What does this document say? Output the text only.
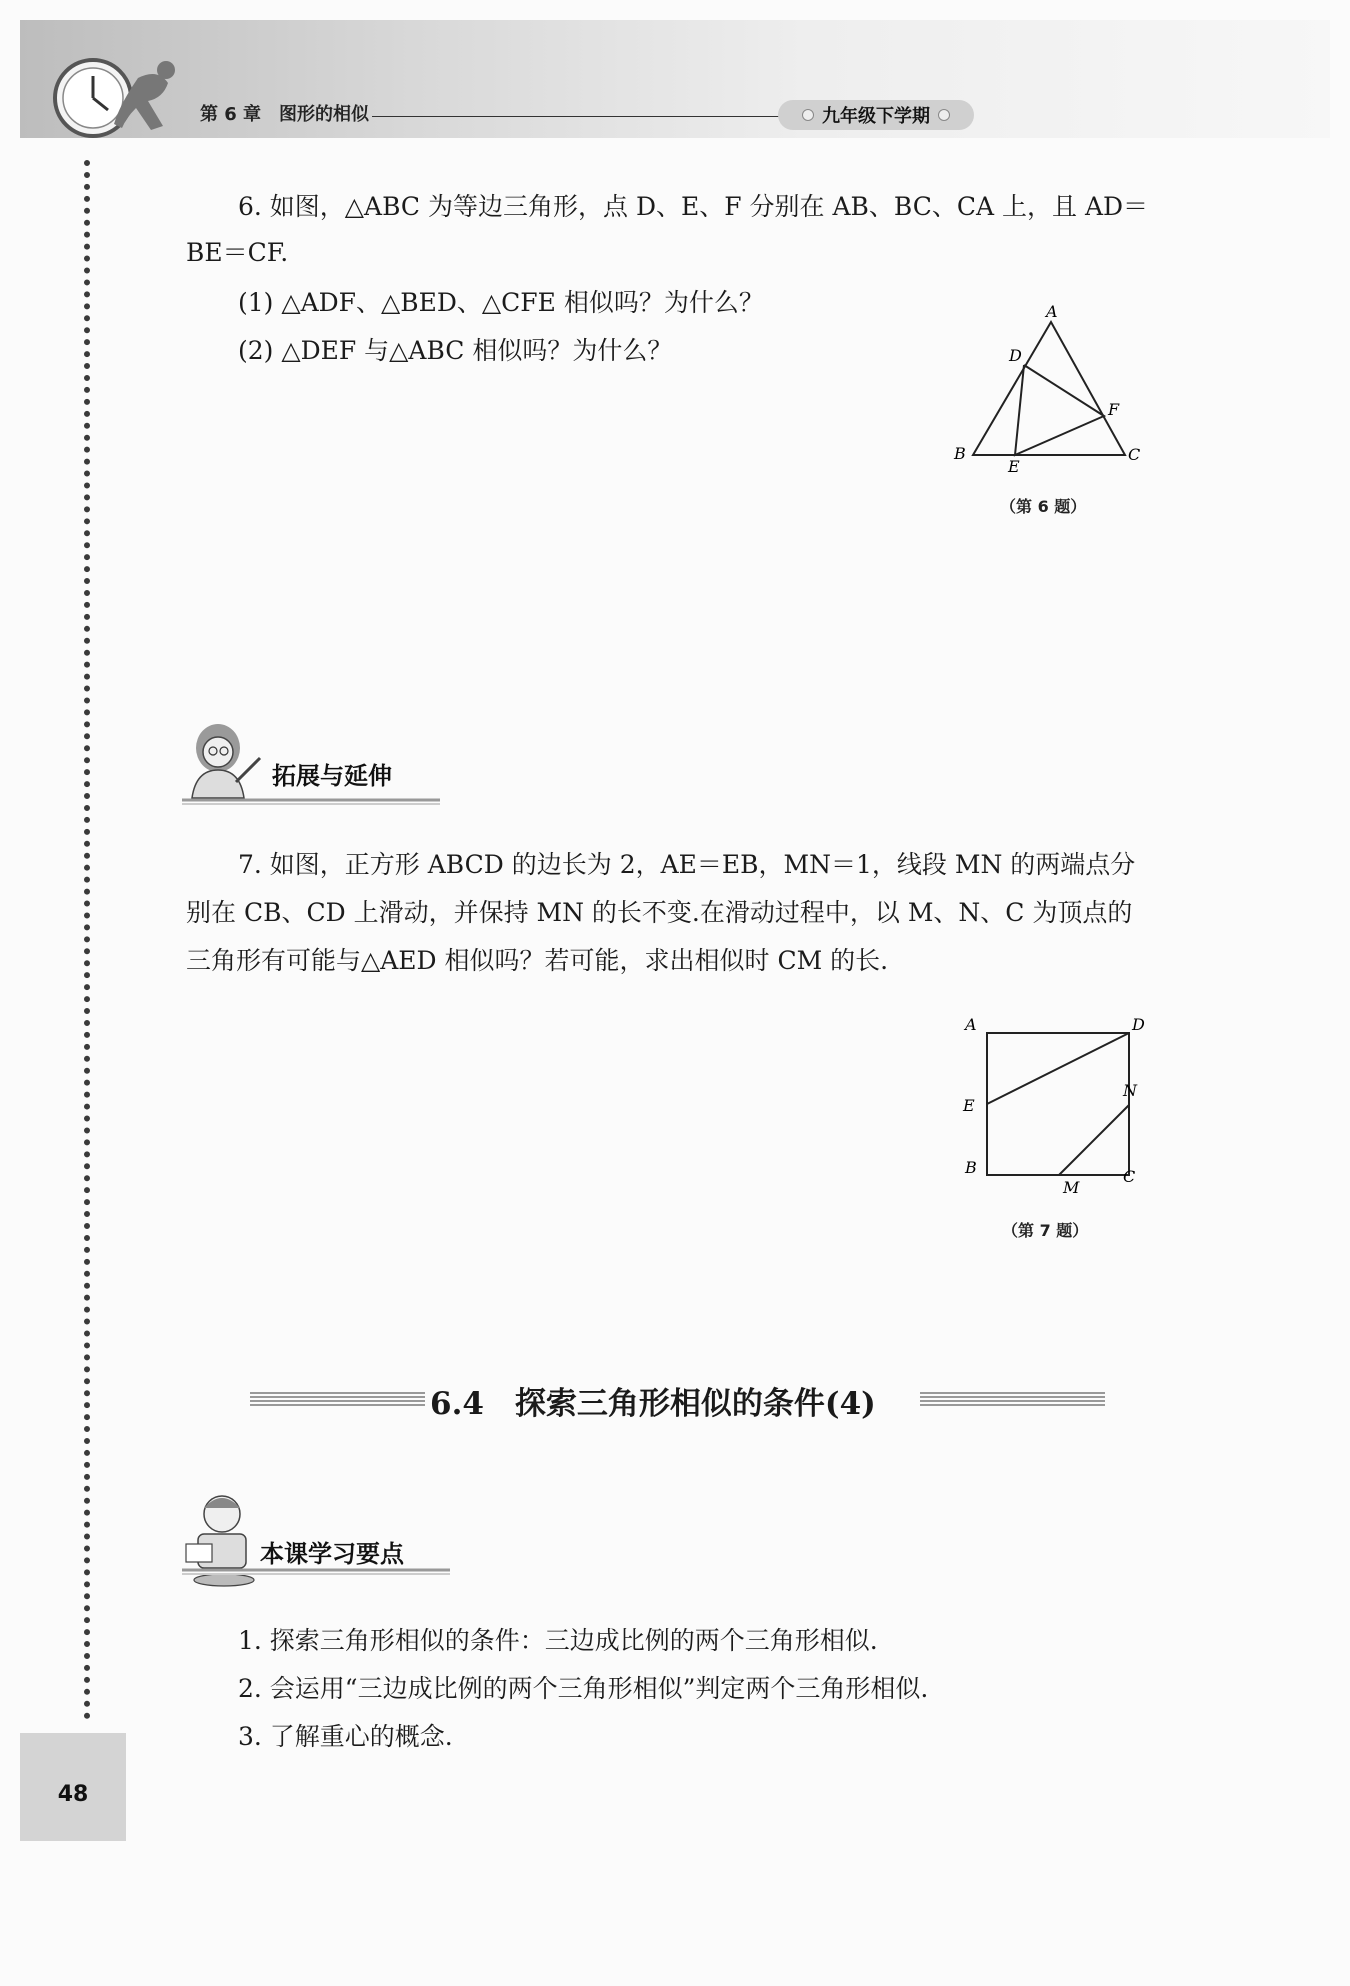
第 6 章　图形的相似	九年级下学期
6. 如图，△ABC 为等边三角形，点 D、E、F 分别在 AB、BC、CA 上，且 AD＝
BE＝CF.
(1) △ADF、△BED、△CFE 相似吗？为什么？
(2) △DEF 与△ABC 相似吗？为什么？
A
D
F
B
E
C
（第 6 题）
拓展与延伸
7. 如图，正方形 ABCD 的边长为 2，AE＝EB，MN＝1，线段 MN 的两端点分
别在 CB、CD 上滑动，并保持 MN 的长不变.在滑动过程中，以 M、N、C 为顶点的
三角形有可能与△AED 相似吗？若可能，求出相似时 CM 的长.
A	D
E
N
B
M
C
（第 7 题）
6.4　探索三角形相似的条件(4)
本课学习要点
1. 探索三角形相似的条件：三边成比例的两个三角形相似.
2. 会运用“三边成比例的两个三角形相似”判定两个三角形相似.
3. 了解重心的概念.
48
